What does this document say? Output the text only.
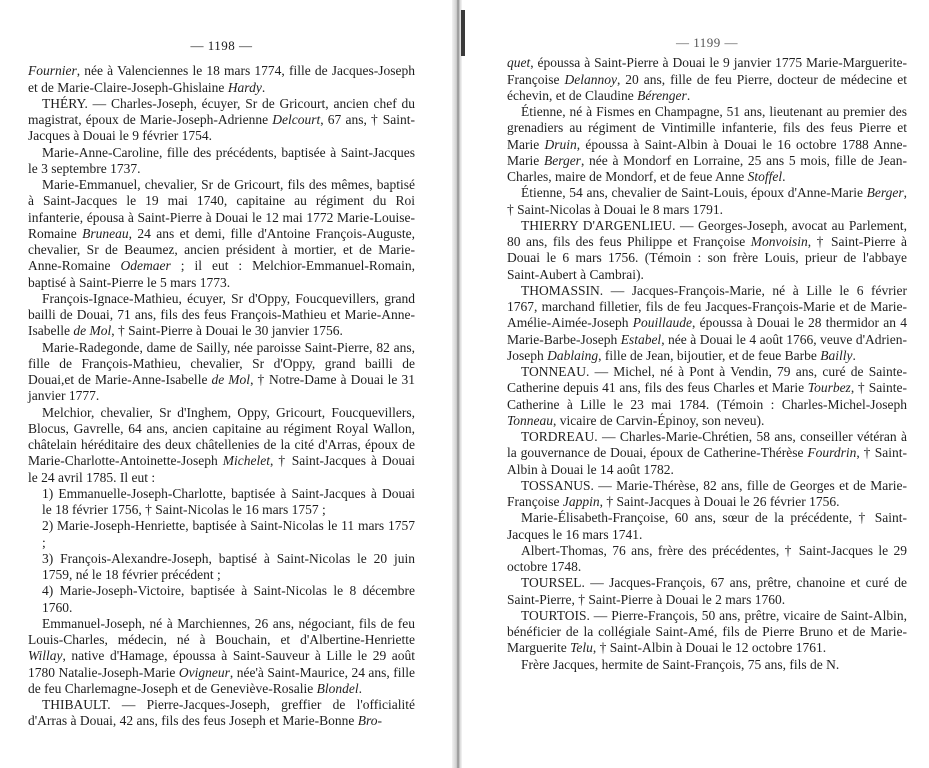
— 1198 —

Fournier, née à Valenciennes le 18 mars 1774, fille de Jacques-Joseph et de Marie-Claire-Joseph-Ghislaine Hardy.

THÉRY. — Charles-Joseph, écuyer, Sr de Gricourt, ancien chef du magistrat, époux de Marie-Joseph-Adrienne Delcourt, 67 ans, † Saint-Jacques à Douai le 9 février 1754.

Marie-Anne-Caroline, fille des précédents, baptisée à Saint-Jacques le 3 septembre 1737.

Marie-Emmanuel, chevalier, Sr de Gricourt, fils des mêmes, baptisé à Saint-Jacques le 19 mai 1740, capitaine au régiment du Roi infanterie, épousa à Saint-Pierre à Douai le 12 mai 1772 Marie-Louise-Romaine Bruneau, 24 ans et demi, fille d'Antoine François-Auguste, chevalier, Sr de Beaumez, ancien président à mortier, et de Marie-Anne-Romaine Odemaer ; il eut : Melchior-Emmanuel-Romain, baptisé à Saint-Pierre le 5 mars 1773.

François-Ignace-Mathieu, écuyer, Sr d'Oppy, Foucquevillers, grand bailli de Douai, 71 ans, fils des feus François-Mathieu et Marie-Anne-Isabelle de Mol, † Saint-Pierre à Douai le 30 janvier 1756.

Marie-Radegonde, dame de Sailly, née paroisse Saint-Pierre, 82 ans, fille de François-Mathieu, chevalier, Sr d'Oppy, grand bailli de Douai,et de Marie-Anne-Isabelle de Mol, † Notre-Dame à Douai le 31 janvier 1777.

Melchior, chevalier, Sr d'Inghem, Oppy, Gricourt, Foucquevillers, Blocus, Gavrelle, 64 ans, ancien capitaine au régiment Royal Wallon, châtelain héréditaire des deux châtellenies de la cité d'Arras, époux de Marie-Charlotte-Antoinette-Joseph Michelet, † Saint-Jacques à Douai le 24 avril 1785. Il eut :

1) Emmanuelle-Joseph-Charlotte, baptisée à Saint-Jacques à Douai le 18 février 1756, † Saint-Nicolas le 16 mars 1757 ;

2) Marie-Joseph-Henriette, baptisée à Saint-Nicolas le 11 mars 1757 ;

3) François-Alexandre-Joseph, baptisé à Saint-Nicolas le 20 juin 1759, né le 18 février précédent ;

4) Marie-Joseph-Victoire, baptisée à Saint-Nicolas le 8 décembre 1760.

Emmanuel-Joseph, né à Marchiennes, 26 ans, négociant, fils de feu Louis-Charles, médecin, né à Bouchain, et d'Albertine-Henriette Willay, native d'Hamage, époussa à Saint-Sauveur à Lille le 29 août 1780 Natalie-Joseph-Marie Ovigneur, née'à Saint-Maurice, 24 ans, fille de feu Charlemagne-Joseph et de Geneviève-Rosalie Blondel.

THIBAULT. — Pierre-Jacques-Joseph, greffier de l'officialité d'Arras à Douai, 42 ans, fils des feus Joseph et Marie-Bonne Bro-

— 1199 —

quet, époussa à Saint-Pierre à Douai le 9 janvier 1775 Marie-Marguerite-Françoise Delannoy, 20 ans, fille de feu Pierre, docteur de médecine et échevin, et de Claudine Bérenger.

Étienne, né à Fismes en Champagne, 51 ans, lieutenant au premier des grenadiers au régiment de Vintimille infanterie, fils des feus Pierre et Marie Druin, époussa à Saint-Albin à Douai le 16 octobre 1788 Anne-Marie Berger, née à Mondorf en Lorraine, 25 ans 5 mois, fille de Jean-Charles, maire de Mondorf, et de feue Anne Stoffel.

Étienne, 54 ans, chevalier de Saint-Louis, époux d'Anne-Marie Berger, † Saint-Nicolas à Douai le 8 mars 1791.

THIERRY D'ARGENLIEU. — Georges-Joseph, avocat au Parlement, 80 ans, fils des feus Philippe et Françoise Monvoisin, † Saint-Pierre à Douai le 6 mars 1756. (Témoin : son frère Louis, prieur de l'abbaye Saint-Aubert à Cambrai).

THOMASSIN. — Jacques-François-Marie, né à Lille le 6 février 1767, marchand filletier, fils de feu Jacques-François-Marie et de Marie-Amélie-Aimée-Joseph Pouillaude, époussa à Douai le 28 thermidor an 4 Marie-Barbe-Joseph Estabel, née à Douai le 4 août 1766, veuve d'Adrien-Joseph Dablaing, fille de Jean, bijoutier, et de feue Barbe Bailly.

TONNEAU. — Michel, né à Pont à Vendin, 79 ans, curé de Sainte-Catherine depuis 41 ans, fils des feus Charles et Marie Tourbez, † Sainte-Catherine à Lille le 23 mai 1784. (Témoin : Charles-Michel-Joseph Tonneau, vicaire de Carvin-Épinoy, son neveu).

TORDREAU. — Charles-Marie-Chrétien, 58 ans, conseiller vétéran à la gouvernance de Douai, époux de Catherine-Thérèse Fourdrin, † Saint-Albin à Douai le 14 août 1782.

TOSSANUS. — Marie-Thérèse, 82 ans, fille de Georges et de Marie-Françoise Jappin, † Saint-Jacques à Douai le 26 février 1756.

Marie-Élisabeth-Françoise, 60 ans, sœur de la précédente, † Saint-Jacques le 16 mars 1741.

Albert-Thomas, 76 ans, frère des précédentes, † Saint-Jacques le 29 octobre 1748.

TOURSEL. — Jacques-François, 67 ans, prêtre, chanoine et curé de Saint-Pierre, † Saint-Pierre à Douai le 2 mars 1760.

TOURTOIS. — Pierre-François, 50 ans, prêtre, vicaire de Saint-Albin, bénéficier de la collégiale Saint-Amé, fils de Pierre Bruno et de Marie-Marguerite Telu, † Saint-Albin à Douai le 12 octobre 1761.

Frère Jacques, hermite de Saint-François, 75 ans, fils de N.
